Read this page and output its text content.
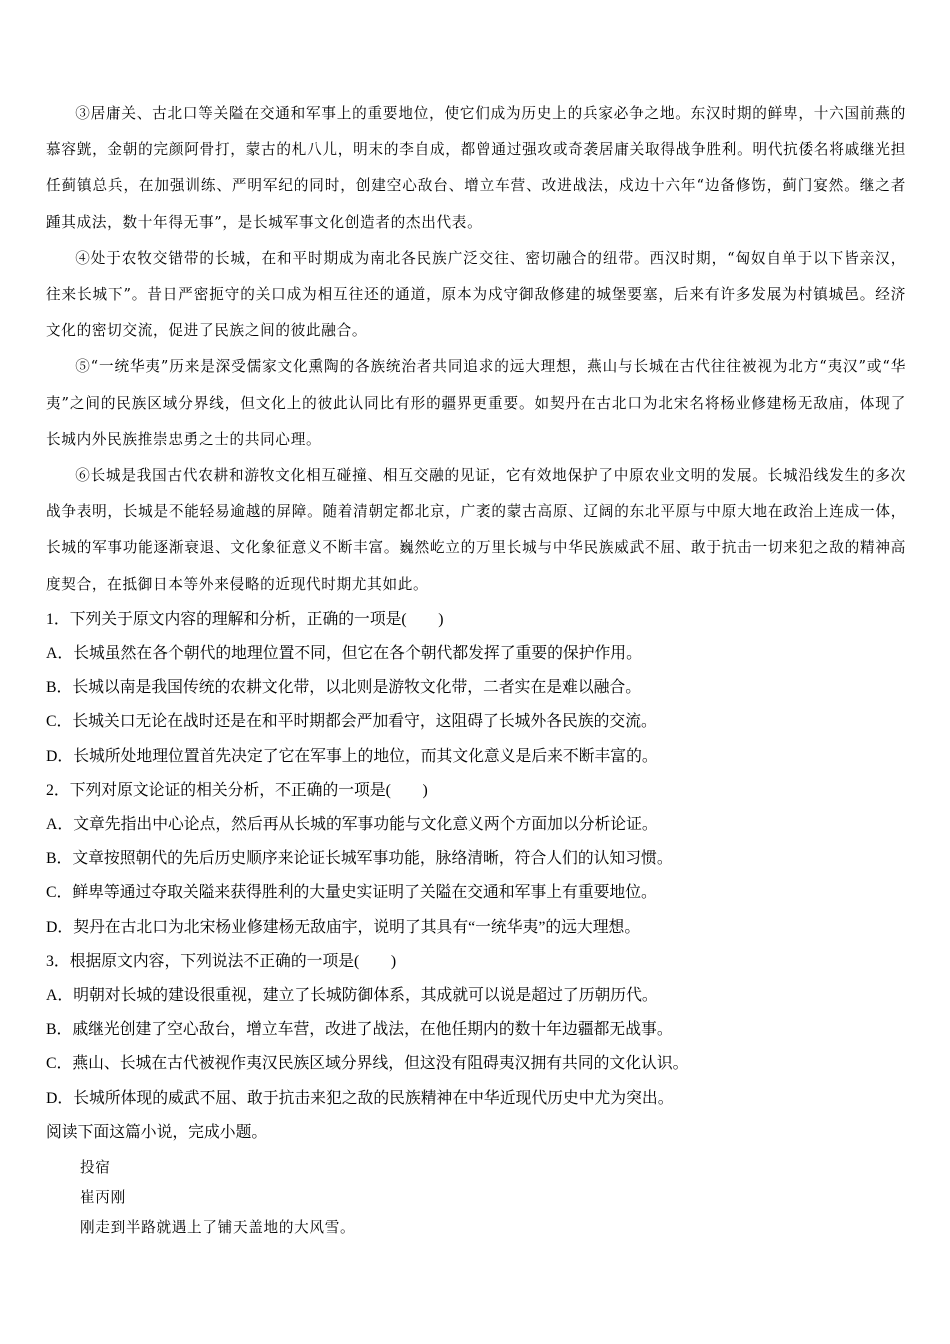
③居庸关、古北口等关隘在交通和军事上的重要地位，使它们成为历史上的兵家必争之地。东汉时期的鲜卑，十六国前燕的慕容皝，金朝的完颜阿骨打，蒙古的札八儿，明末的李自成，都曾通过强攻或奇袭居庸关取得战争胜利。明代抗倭名将戚继光担任蓟镇总兵，在加强训练、严明军纪的同时，创建空心敌台、增立车营、改进战法，戍边十六年“边备修饬，蓟门宴然。继之者踵其成法，数十年得无事”，是长城军事文化创造者的杰出代表。

④处于农牧交错带的长城，在和平时期成为南北各民族广泛交往、密切融合的纽带。西汉时期，“匈奴自单于以下皆亲汉，往来长城下”。昔日严密扼守的关口成为相互往还的通道，原本为戍守御敌修建的城堡要塞，后来有许多发展为村镇城邑。经济文化的密切交流，促进了民族之间的彼此融合。

⑤“一统华夷”历来是深受儒家文化熏陶的各族统治者共同追求的远大理想，燕山与长城在古代往往被视为北方“夷汉”或“华夷”之间的民族区域分界线，但文化上的彼此认同比有形的疆界更重要。如契丹在古北口为北宋名将杨业修建杨无敌庙，体现了长城内外民族推崇忠勇之士的共同心理。

⑥长城是我国古代农耕和游牧文化相互碰撞、相互交融的见证，它有效地保护了中原农业文明的发展。长城沿线发生的多次战争表明，长城是不能轻易逾越的屏障。随着清朝定都北京，广袤的蒙古高原、辽阔的东北平原与中原大地在政治上连成一体，长城的军事功能逐渐衰退、文化象征意义不断丰富。巍然屹立的万里长城与中华民族威武不屈、敢于抗击一切来犯之敌的精神高度契合，在抵御日本等外来侵略的近现代时期尤其如此。

1．下列关于原文内容的理解和分析，正确的一项是(　　)

A．长城虽然在各个朝代的地理位置不同，但它在各个朝代都发挥了重要的保护作用。

B．长城以南是我国传统的农耕文化带，以北则是游牧文化带，二者实在是难以融合。

C．长城关口无论在战时还是在和平时期都会严加看守，这阻碍了长城外各民族的交流。

D．长城所处地理位置首先决定了它在军事上的地位，而其文化意义是后来不断丰富的。

2．下列对原文论证的相关分析，不正确的一项是(　　)

A．文章先指出中心论点，然后再从长城的军事功能与文化意义两个方面加以分析论证。

B．文章按照朝代的先后历史顺序来论证长城军事功能，脉络清晰，符合人们的认知习惯。

C．鲜卑等通过夺取关隘来获得胜利的大量史实证明了关隘在交通和军事上有重要地位。

D．契丹在古北口为北宋杨业修建杨无敌庙宇，说明了其具有“一统华夷”的远大理想。

3．根据原文内容，下列说法不正确的一项是(　　)

A．明朝对长城的建设很重视，建立了长城防御体系，其成就可以说是超过了历朝历代。

B．戚继光创建了空心敌台，增立车营，改进了战法，在他任期内的数十年边疆都无战事。

C．燕山、长城在古代被视作夷汉民族区域分界线，但这没有阻碍夷汉拥有共同的文化认识。

D．长城所体现的威武不屈、敢于抗击来犯之敌的民族精神在中华近现代历史中尤为突出。

阅读下面这篇小说，完成小题。

投宿

崔丙刚

刚走到半路就遇上了铺天盖地的大风雪。
